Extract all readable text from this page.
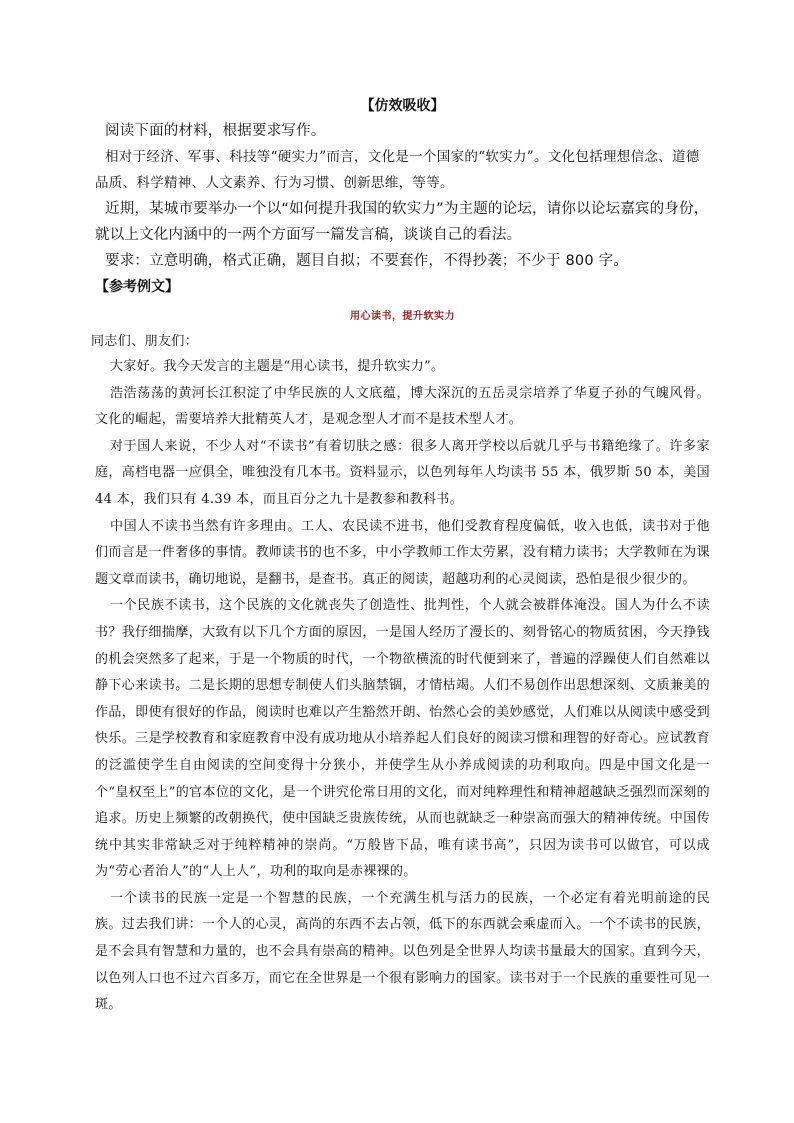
【仿效吸收】

阅读下面的材料，根据要求写作。

相对于经济、军事、科技等“硬实力”而言，文化是一个国家的“软实力”。文化包括理想信念、道德品质、科学精神、人文素养、行为习惯、创新思维，等等。

近期，某城市要举办一个以“如何提升我国的软实力”为主题的论坛，请你以论坛嘉宾的身份，就以上文化内涵中的一两个方面写一篇发言稿，谈谈自己的看法。

要求：立意明确，格式正确，题目自拟；不要套作，不得抄袭；不少于 800 字。

【参考例文】

用心读书，提升软实力

同志们、朋友们：

大家好。我今天发言的主题是“用心读书，提升软实力”。

浩浩荡荡的黄河长江积淀了中华民族的人文底蕴，博大深沉的五岳灵宗培养了华夏子孙的气魄风骨。文化的崛起，需要培养大批精英人才，是观念型人才而不是技术型人才。

对于国人来说，不少人对“不读书”有着切肤之感：很多人离开学校以后就几乎与书籍绝缘了。许多家庭，高档电器一应俱全，唯独没有几本书。资料显示，以色列每年人均读书 55 本，俄罗斯 50 本，美国 44 本，我们只有 4.39 本，而且百分之九十是教参和教科书。

中国人不读书当然有许多理由。工人、农民读不进书，他们受教育程度偏低，收入也低，读书对于他们而言是一件奢侈的事情。教师读书的也不多，中小学教师工作太劳累，没有精力读书；大学教师在为课题文章而读书，确切地说，是翻书，是查书。真正的阅读，超越功利的心灵阅读，恐怕是很少很少的。

一个民族不读书，这个民族的文化就丧失了创造性、批判性，个人就会被群体淹没。国人为什么不读书？我仔细揣摩，大致有以下几个方面的原因，一是国人经历了漫长的、刻骨铭心的物质贫困，今天挣钱的机会突然多了起来，于是一个物质的时代，一个物欲横流的时代便到来了，普遍的浮躁使人们自然难以静下心来读书。二是长期的思想专制使人们头脑禁锢，才情枯竭。人们不易创作出思想深刻、文质兼美的作品，即使有很好的作品，阅读时也难以产生豁然开朗、怡然心会的美妙感觉，人们难以从阅读中感受到快乐。三是学校教育和家庭教育中没有成功地从小培养起人们良好的阅读习惯和理智的好奇心。应试教育的泛滥使学生自由阅读的空间变得十分狭小，并使学生从小养成阅读的功利取向。四是中国文化是一个“皇权至上”的官本位的文化，是一个讲究伦常日用的文化，而对纯粹理性和精神超越缺乏强烈而深刻的追求。历史上频繁的改朝换代，使中国缺乏贵族传统，从而也就缺乏一种崇高而强大的精神传统。中国传统中其实非常缺乏对于纯粹精神的崇尚。“万般皆下品，唯有读书高”，只因为读书可以做官，可以成为“劳心者治人”的“人上人”，功利的取向是赤裸裸的。

一个读书的民族一定是一个智慧的民族，一个充满生机与活力的民族，一个必定有着光明前途的民族。过去我们讲：一个人的心灵，高尚的东西不去占领，低下的东西就会乘虚而入。一个不读书的民族，是不会具有智慧和力量的，也不会具有崇高的精神。以色列是全世界人均读书量最大的国家。直到今天，以色列人口也不过六百多万，而它在全世界是一个很有影响力的国家。读书对于一个民族的重要性可见一斑。
